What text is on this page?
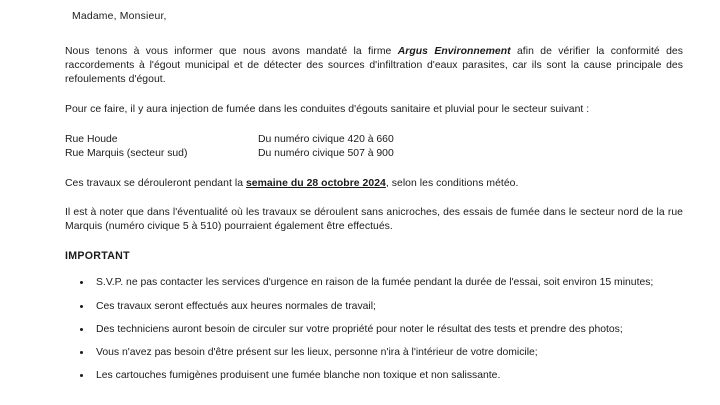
Madame, Monsieur,

Nous tenons à vous informer que nous avons mandaté la firme Argus Environnement afin de vérifier la conformité des raccordements à l'égout municipal et de détecter des sources d'infiltration d'eaux parasites, car ils sont la cause principale des refoulements d'égout.

Pour ce faire, il y aura injection de fumée dans les conduites d'égouts sanitaire et pluvial pour le secteur suivant :

Rue Houde	Du numéro civique 420 à 660
Rue Marquis (secteur sud)	Du numéro civique 507 à 900

Ces travaux se dérouleront pendant la semaine du 28 octobre 2024, selon les conditions météo.

Il est à noter que dans l'éventualité où les travaux se déroulent sans anicroches, des essais de fumée dans le secteur nord de la rue Marquis (numéro civique 5 à 510) pourraient également être effectués.

IMPORTANT

S.V.P. ne pas contacter les services d'urgence en raison de la fumée pendant la durée de l'essai, soit environ 15 minutes;
Ces travaux seront effectués aux heures normales de travail;
Des techniciens auront besoin de circuler sur votre propriété pour noter le résultat des tests et prendre des photos;
Vous n'avez pas besoin d'être présent sur les lieux, personne n'ira à l'intérieur de votre domicile;
Les cartouches fumigènes produisent une fumée blanche non toxique et non salissante.
